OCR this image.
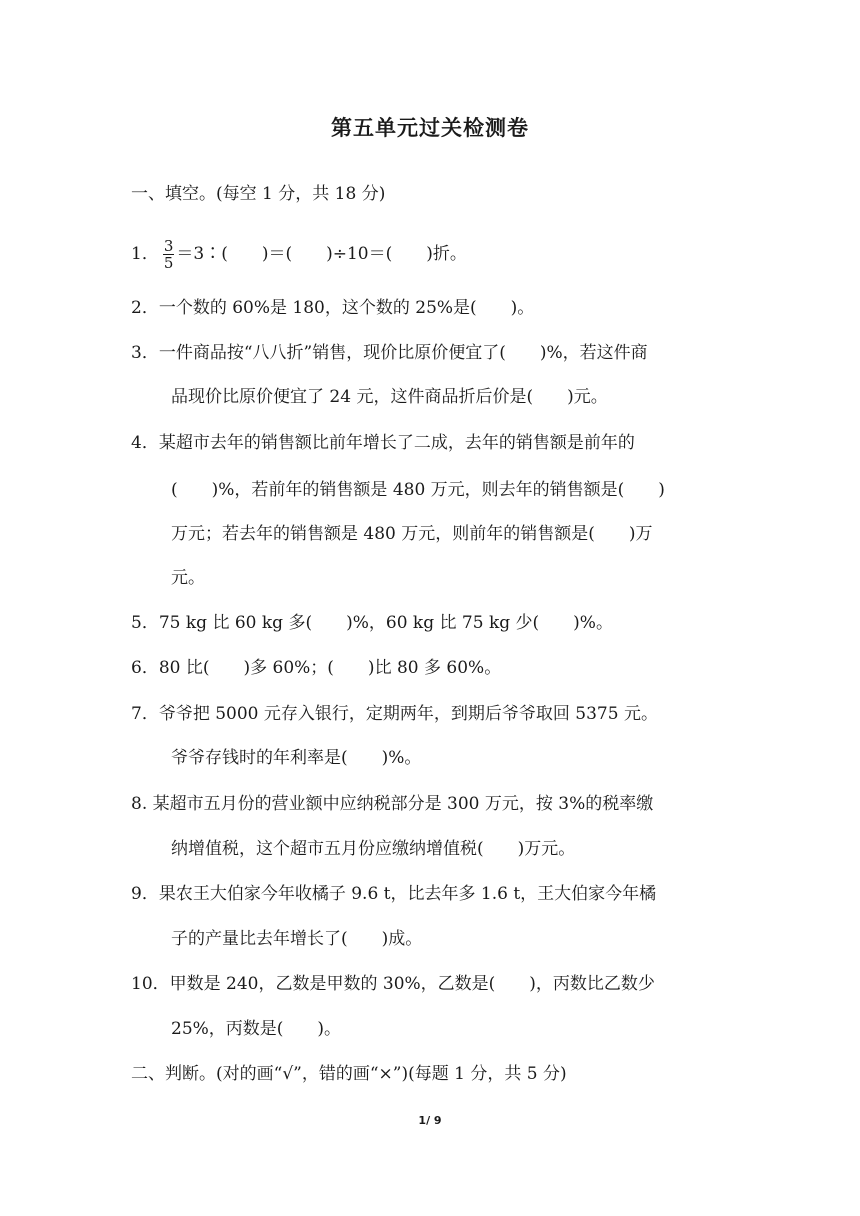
第五单元过关检测卷
一、填空。(每空 1 分，共 18 分)
1． $\frac{3}{5}$ ＝3∶(　　)＝(　　)÷10＝(　　)折。
2．一个数的 60%是 180，这个数的 25%是(　　)。
3．一件商品按“八八折”销售，现价比原价便宜了(　　)%，若这件商
品现价比原价便宜了 24 元，这件商品折后价是(　　)元。
4．某超市去年的销售额比前年增长了二成，去年的销售额是前年的
(　　)%，若前年的销售额是 480 万元，则去年的销售额是(　　)
万元；若去年的销售额是 480 万元，则前年的销售额是(　　)万
元。
5．75 kg 比 60 kg 多(　　)%，60 kg 比 75 kg 少(　　)%。
6．80 比(　　)多 60%；(　　)比 80 多 60%。
7．爷爷把 5000 元存入银行，定期两年，到期后爷爷取回 5375 元。
爷爷存钱时的年利率是(　　)%。
8. 某超市五月份的营业额中应纳税部分是 300 万元，按 3%的税率缴
纳增值税，这个超市五月份应缴纳增值税(　　)万元。
9．果农王大伯家今年收橘子 9.6 t，比去年多 1.6 t，王大伯家今年橘
子的产量比去年增长了(　　)成。
10．甲数是 240，乙数是甲数的 30%，乙数是(　　)，丙数比乙数少
25%，丙数是(　　)。
二、判断。(对的画“√”，错的画“×”)(每题 1 分，共 5 分)
1/ 9
